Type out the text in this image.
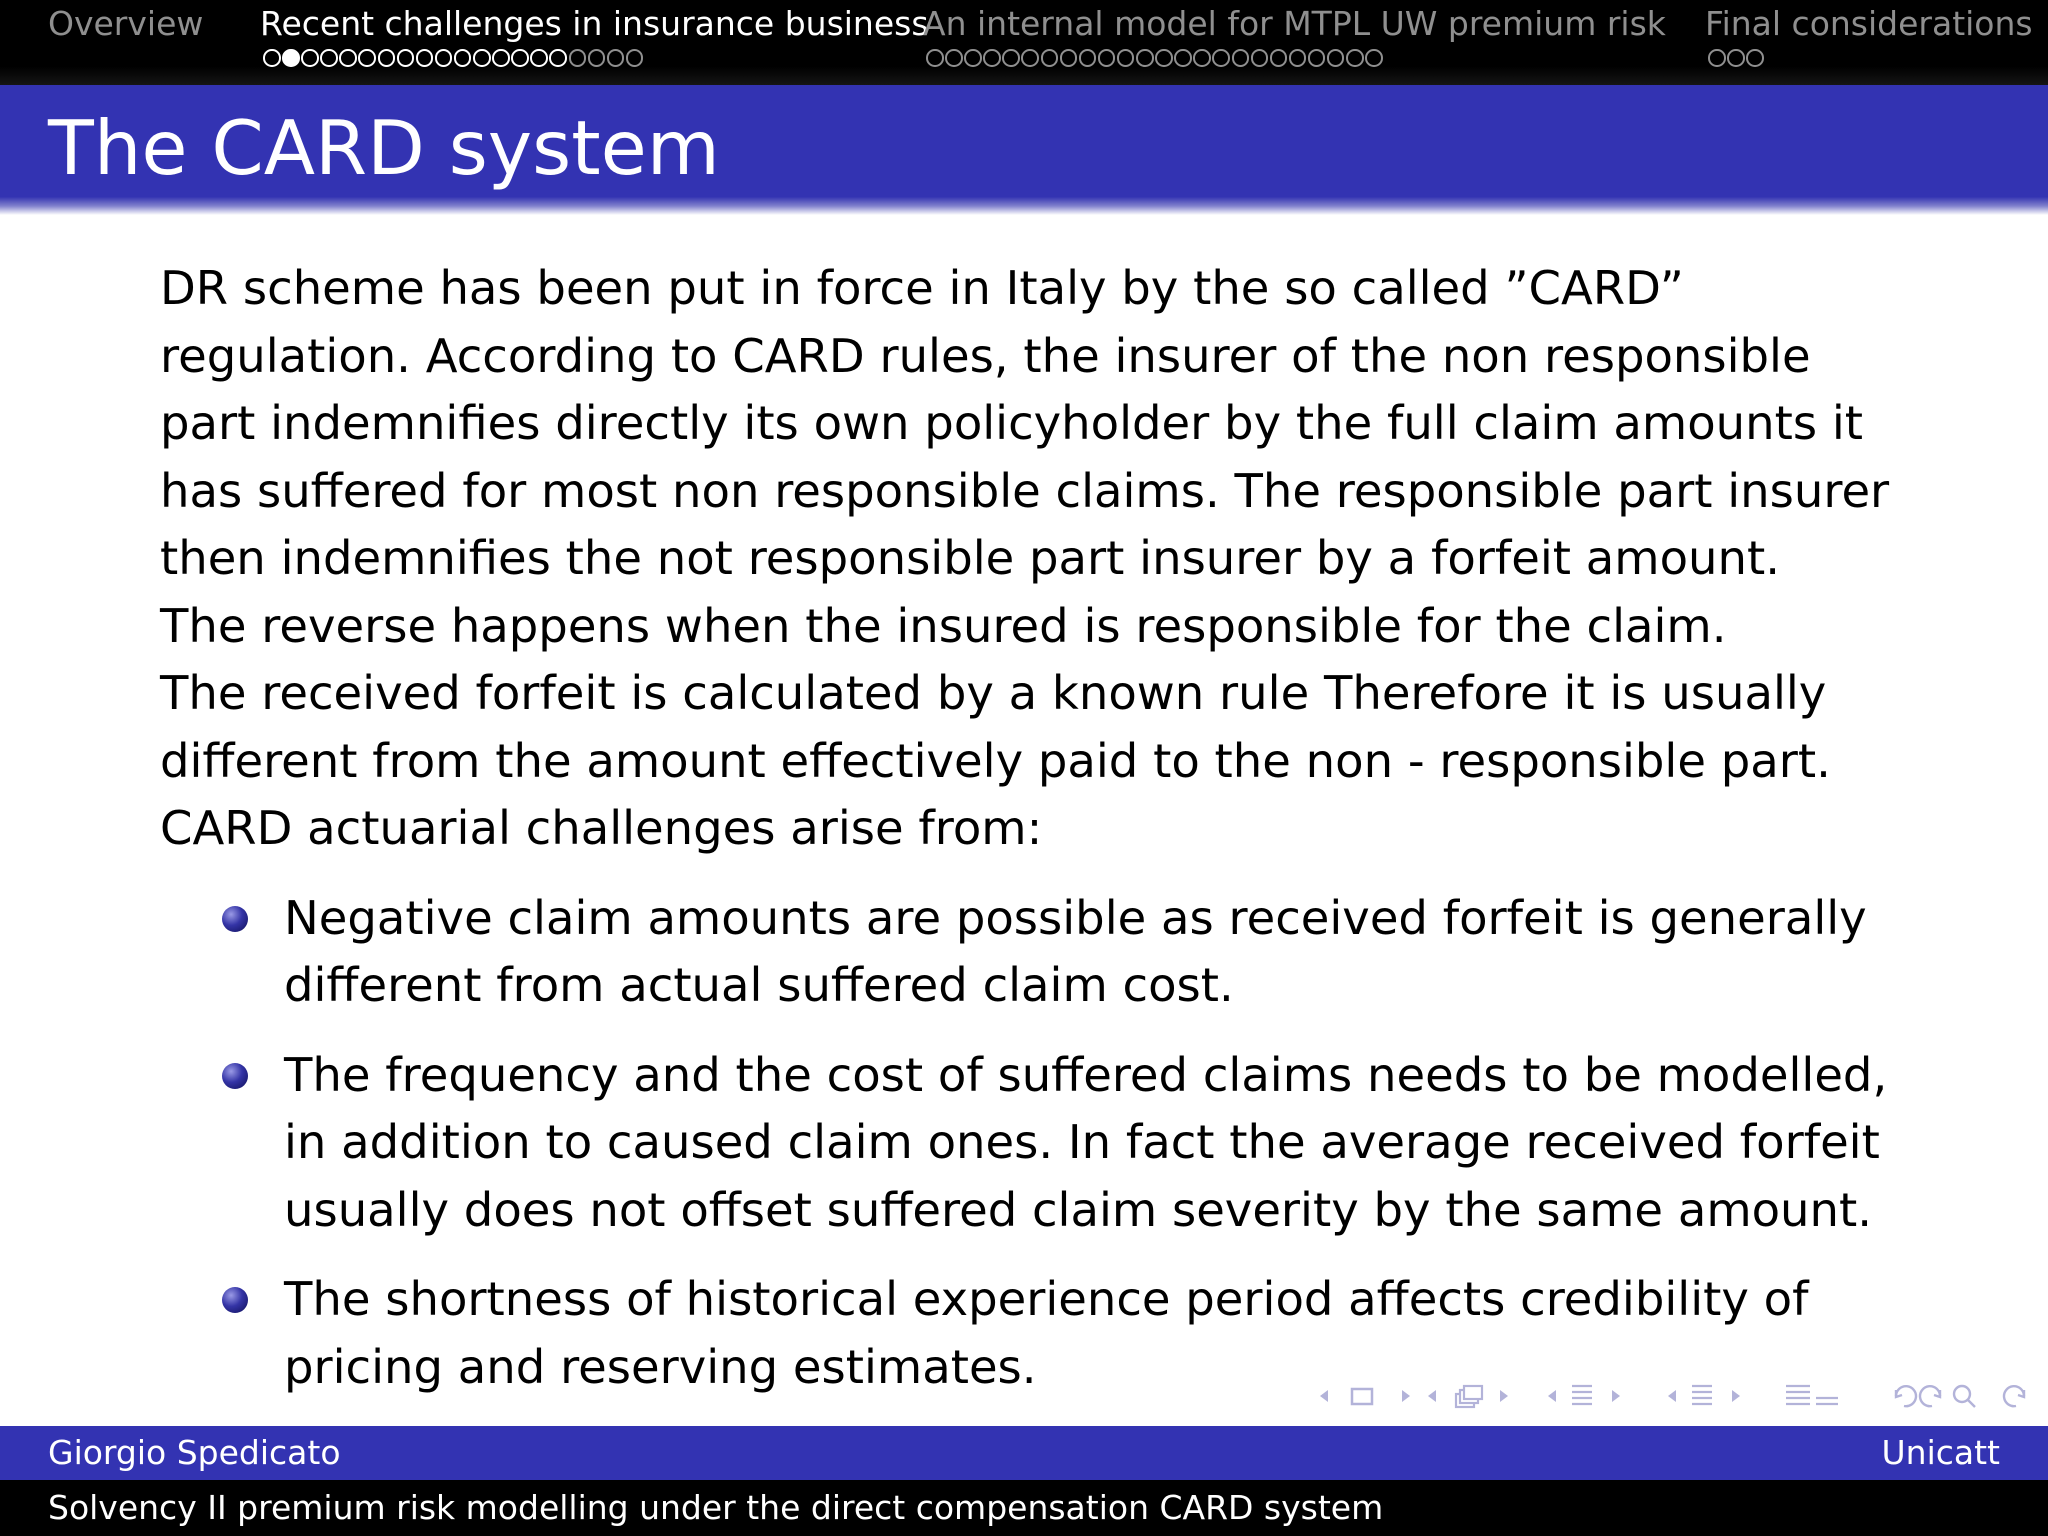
Overview Recent challenges in insurance business
An internal model for MTPL UW premium risk Final considerations
The CARD system

DR scheme has been put in force in Italy by the so called ”CARD”
regulation. According to CARD rules, the insurer of the non responsible
part indemnifies directly its own policyholder by the full claim amounts it
has suffered for most non responsible claims. The responsible part insurer
then indemnifies the not responsible part insurer by a forfeit amount.
The reverse happens when the insured is responsible for the claim.
The received forfeit is calculated by a known rule Therefore it is usually
different from the amount effectively paid to the non - responsible part.
CARD actuarial challenges arise from:

Negative claim amounts are possible as received forfeit is generally
different from actual suffered claim cost.
The frequency and the cost of suffered claims needs to be modelled,
in addition to caused claim ones. In fact the average received forfeit
usually does not offset suffered claim severity by the same amount.
The shortness of historical experience period affects credibility of
pricing and reserving estimates.
Giorgio Spedicato	Unicatt
Solvency II premium risk modelling under the direct compensation CARD system
